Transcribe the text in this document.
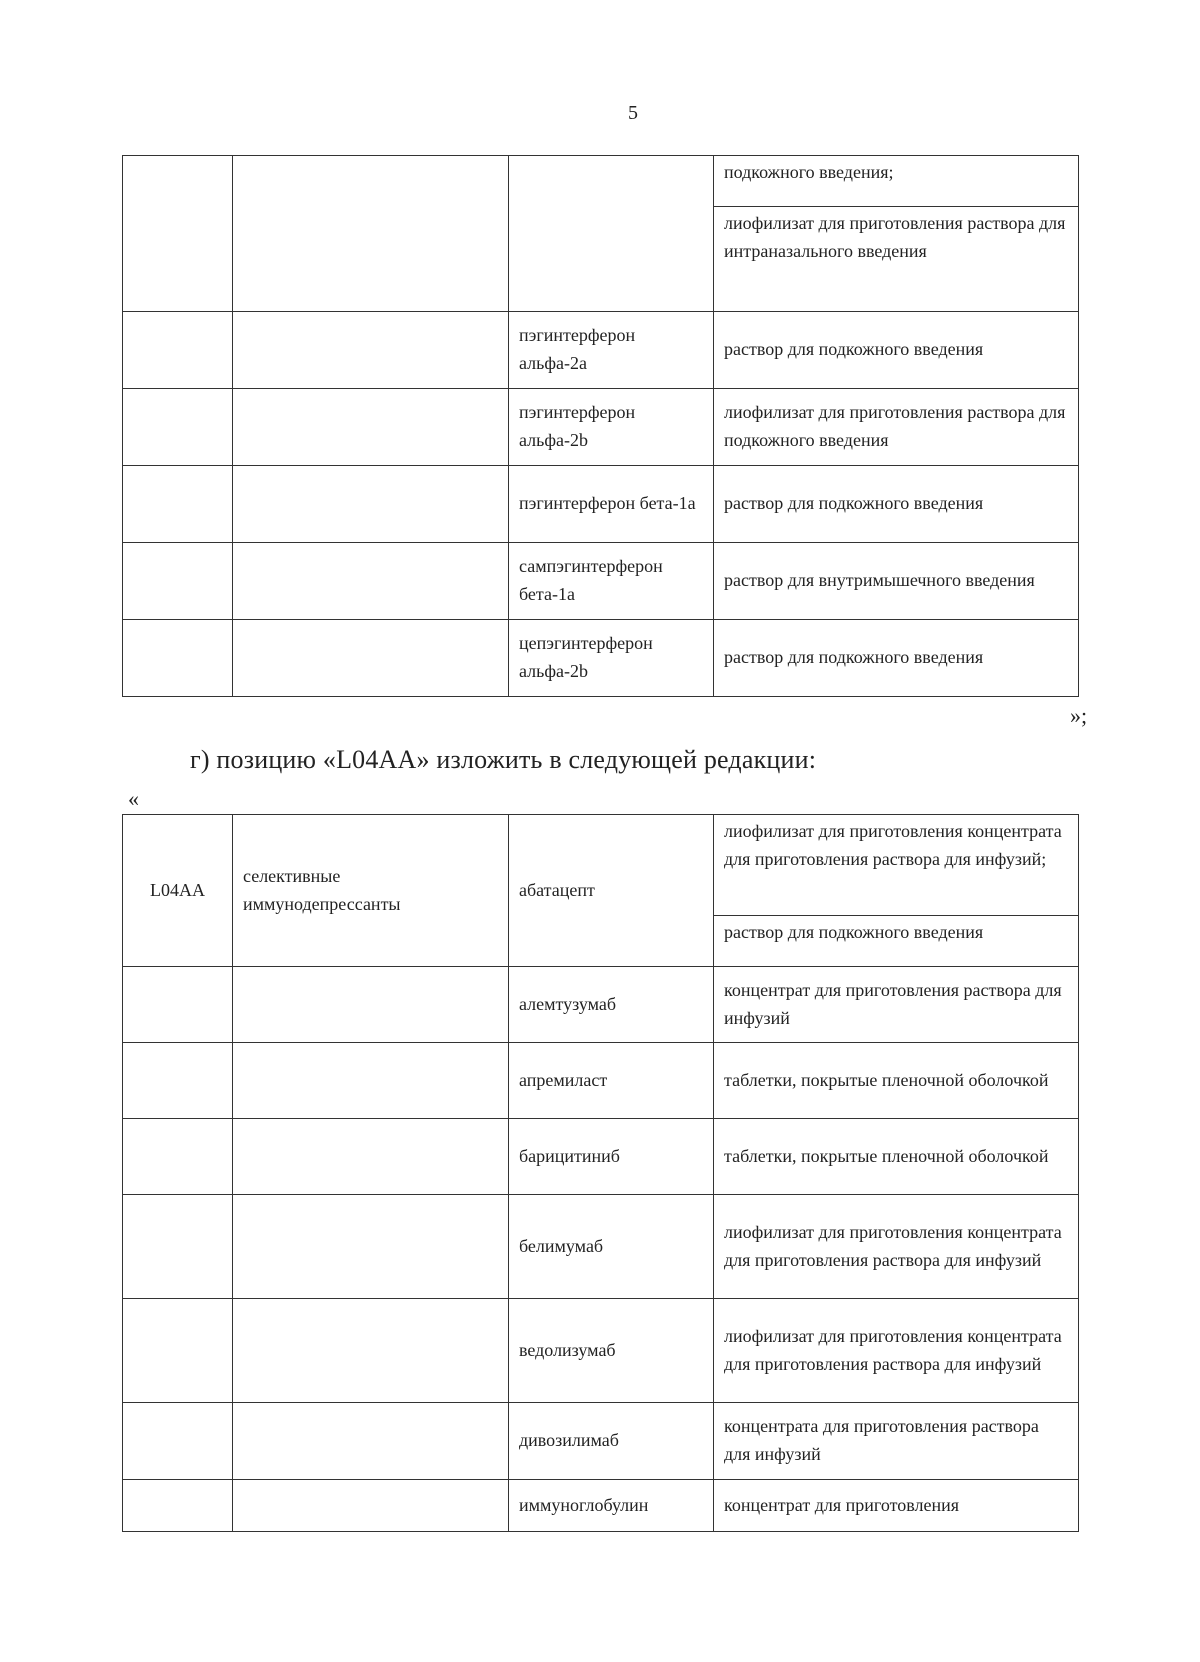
5

			подкожного введения;
лиофилизат для приготовления раствора для интраназального введения

		пэгинтерферон альфа-2a	раствор для подкожного введения
		пэгинтерферон альфа-2b	лиофилизат для приготовления раствора для подкожного введения
		пэгинтерферон бета-1a	раствор для подкожного введения
		сампэгинтерферон бета-1a	раствор для внутримышечного введения
		цепэгинтерферон альфа-2b	раствор для подкожного введения
»;
г) позицию «L04AA» изложить в следующей редакции:
«
L04AA	селективные иммунодепрессанты	абатацепт	лиофилизат для приготовления концентрата для приготовления раствора для инфузий;
раствор для подкожного введения

		алемтузумаб	концентрат для приготовления раствора для инфузий
		апремиласт	таблетки, покрытые пленочной оболочкой
		барицитиниб	таблетки, покрытые пленочной оболочкой
		белимумаб	лиофилизат для приготовления концентрата для приготовления раствора для инфузий
		ведолизумаб	лиофилизат для приготовления концентрата для приготовления раствора для инфузий
		дивозилимаб	концентрата для приготовления раствора для инфузий
		иммуноглобулин	концентрат для приготовления
